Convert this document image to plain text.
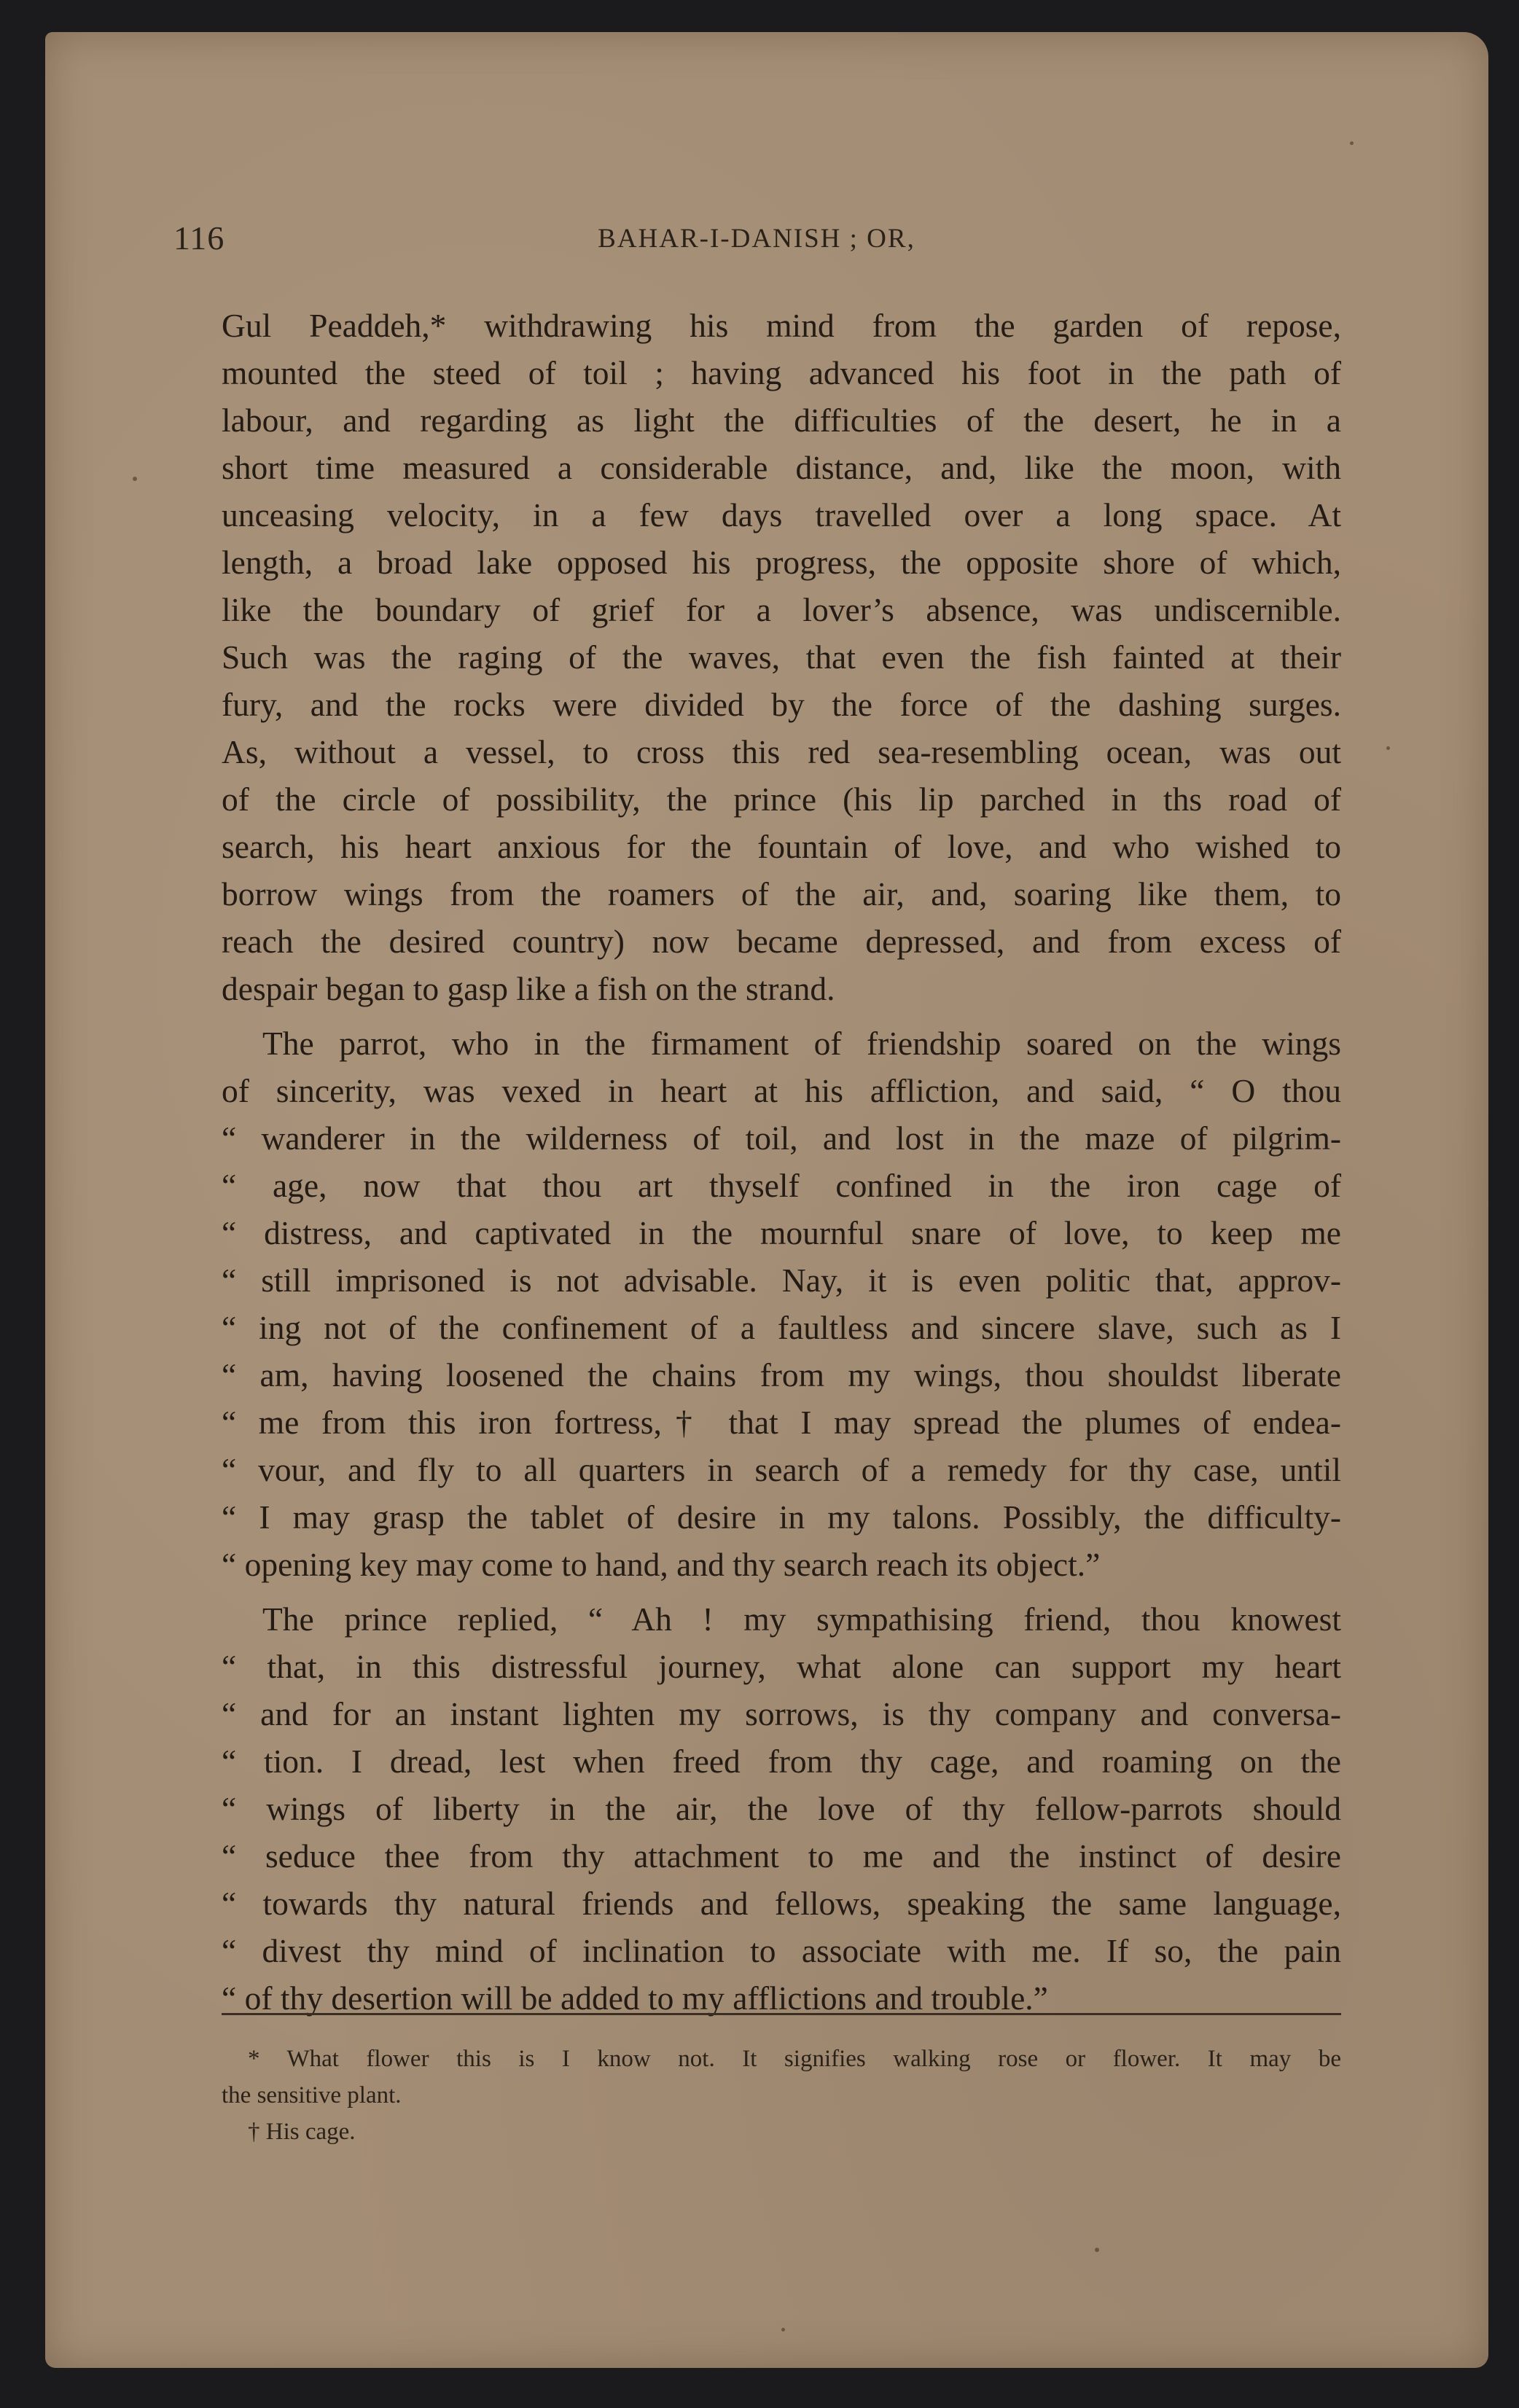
116	BAHAR-I-DANISH ; OR,
Gul Peaddeh,* withdrawing his mind from the garden of repose,
mounted the steed of toil ; having advanced his foot in the path of
labour, and regarding as light the difficulties of the desert, he in a
short time measured a considerable distance, and, like the moon, with
unceasing velocity, in a few days travelled over a long space. At
length, a broad lake opposed his progress, the opposite shore of which,
like the boundary of grief for a lover’s absence, was undiscernible.
Such was the raging of the waves, that even the fish fainted at their
fury, and the rocks were divided by the force of the dashing surges.
As, without a vessel, to cross this red sea-resembling ocean, was out
of the circle of possibility, the prince (his lip parched in ths road of
search, his heart anxious for the fountain of love, and who wished to
borrow wings from the roamers of the air, and, soaring like them, to
reach the desired country) now became depressed, and from excess of
despair began to gasp like a fish on the strand.
The parrot, who in the firmament of friendship soared on the wings
of sincerity, was vexed in heart at his affliction, and said, “ O thou
“ wanderer in the wilderness of toil, and lost in the maze of pilgrim-
“ age, now that thou art thyself confined in the iron cage of
“ distress, and captivated in the mournful snare of love, to keep me
“ still imprisoned is not advisable. Nay, it is even politic that, approv-
“ ing not of the confinement of a faultless and sincere slave, such as I
“ am, having loosened the chains from my wings, thou shouldst liberate
“ me from this iron fortress,† that I may spread the plumes of endea-
“ vour, and fly to all quarters in search of a remedy for thy case, until
“ I may grasp the tablet of desire in my talons. Possibly, the difficulty-
“ opening key may come to hand, and thy search reach its object.”
The prince replied, “ Ah ! my sympathising friend, thou knowest
“ that, in this distressful journey, what alone can support my heart
“ and for an instant lighten my sorrows, is thy company and conversa-
“ tion. I dread, lest when freed from thy cage, and roaming on the
“ wings of liberty in the air, the love of thy fellow-parrots should
“ seduce thee from thy attachment to me and the instinct of desire
“ towards thy natural friends and fellows, speaking the same language,
“ divest thy mind of inclination to associate with me. If so, the pain
“ of thy desertion will be added to my afflictions and trouble.”
* What flower this is I know not. It signifies walking rose or flower. It may be
the sensitive plant.
† His cage.
